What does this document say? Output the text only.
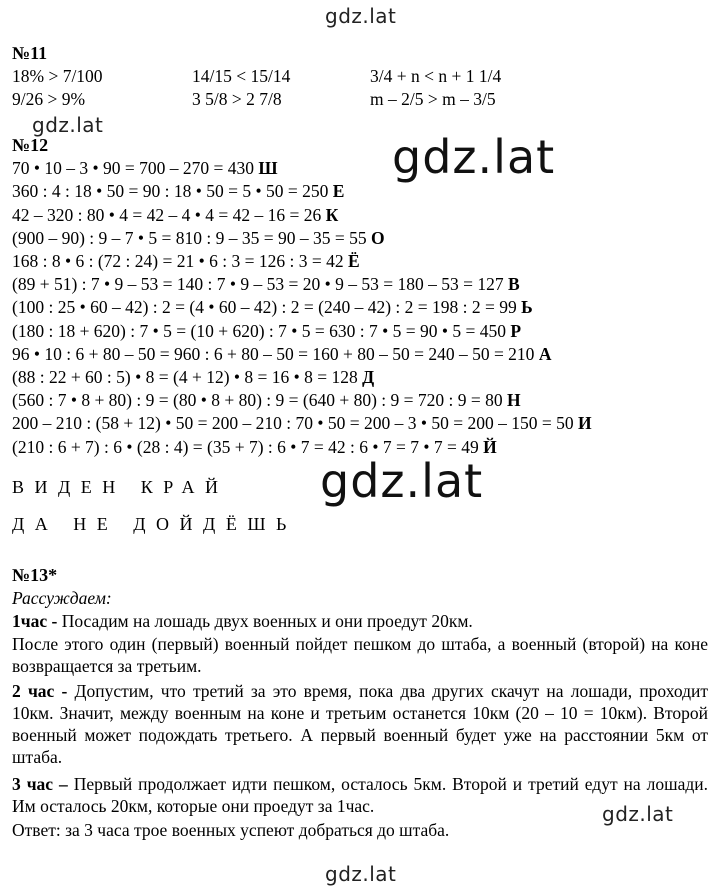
gdz.lat
gdz.lat
gdz.lat
gdz.lat
gdz.lat
gdz.lat
№11
18% > 7/100	14/15 < 15/14	3/4 + n < n + 1 1/4
9/26 > 9%	3 5/8 > 2 7/8	m – 2/5 > m – 3/5
№12
70 • 10 – 3 • 90 = 700 – 270 = 430 Ш
360 : 4 : 18 • 50 = 90 : 18 • 50 = 5 • 50 = 250 Е
42 – 320 : 80 • 4 = 42 – 4 • 4 = 42 – 16 = 26 К
(900 – 90) : 9 – 7 • 5 = 810 : 9 – 35 = 90 – 35 = 55 О
168 : 8 • 6 : (72 : 24) = 21 • 6 : 3 = 126 : 3 = 42 Ё
(89 + 51) : 7 • 9 – 53 = 140 : 7 • 9 – 53 = 20 • 9 – 53 = 180 – 53 = 127 В
(100 : 25 • 60 – 42) : 2 = (4 • 60 – 42) : 2 = (240 – 42) : 2 = 198 : 2 = 99 Ь
(180 : 18 + 620) : 7 • 5 = (10 + 620) : 7 • 5 = 630 : 7 • 5 = 90 • 5 = 450 Р
96 • 10 : 6 + 80 – 50 = 960 : 6 + 80 – 50 = 160 + 80 – 50 = 240 – 50 = 210 А
(88 : 22 + 60 : 5) • 8 = (4 + 12) • 8 = 16 • 8 = 128 Д
(560 : 7 • 8 + 80) : 9 = (80 • 8 + 80) : 9 = (640 + 80) : 9 = 720 : 9 = 80 Н
200 – 210 : (58 + 12) • 50 = 200 – 210 : 70 • 50 = 200 – 3 • 50 = 200 – 150 = 50 И
(210 : 6 + 7) : 6 • (28 : 4) = (35 + 7) : 6 • 7 = 42 : 6 • 7 = 7 • 7 = 49 Й
ВИДЕН КРАЙ
ДА НЕ ДОЙДЁШЬ
№13*
Рассуждаем:
1час - Посадим на лошадь двух военных и они проедут 20км.
После этого один (первый) военный пойдет пешком до штаба, а военный (второй) на коне возвращается за третьим.
2 час - Допустим, что третий за это время, пока два других скачут на лошади, проходит 10км. Значит, между военным на коне и третьим останется 10км (20 – 10 = 10км). Второй военный может подождать третьего. А первый военный будет уже на расстоянии 5км от штаба.
3 час – Первый продолжает идти пешком, осталось 5км. Второй и третий едут на лошади. Им осталось 20км, которые они проедут за 1час.
Ответ: за 3 часа трое военных успеют добраться до штаба.
